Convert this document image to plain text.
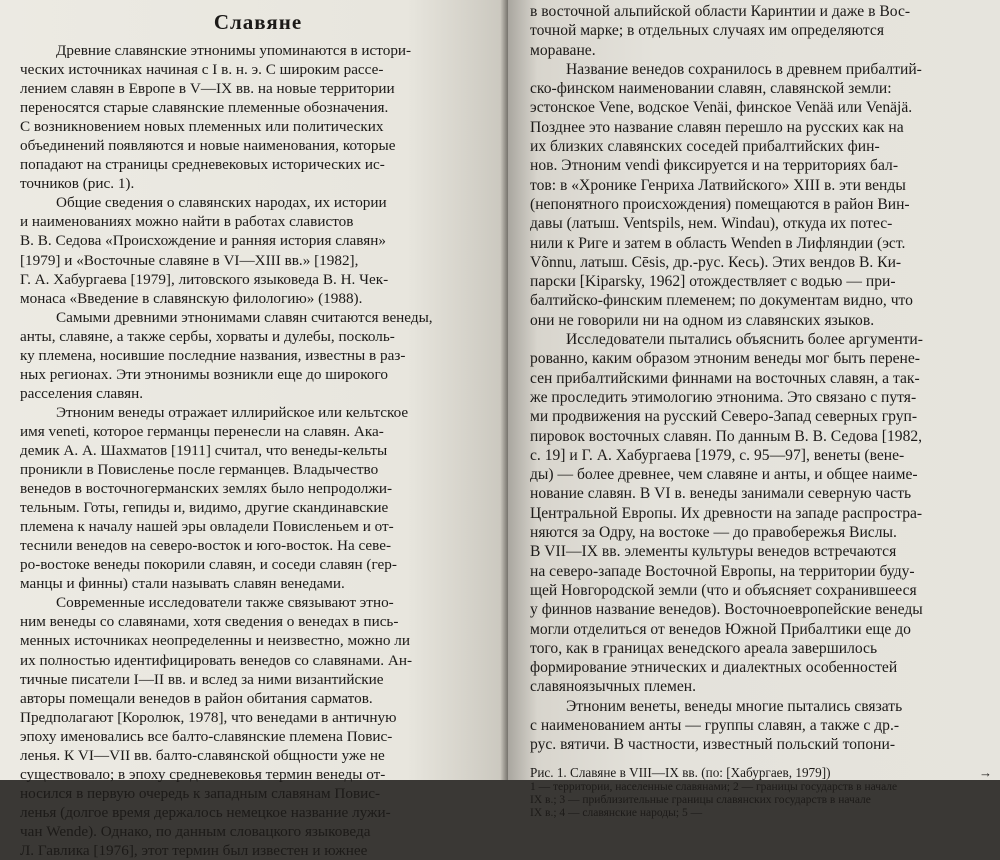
Славяне
Древние славянские этнонимы упоминаются в истори-
ческих источниках начиная с I в. н. э. С широким рассе-
лением славян в Европе в V—IX вв. на новые территории
переносятся старые славянские племенные обозначения.
С возникновением новых племенных или политических
объединений появляются и новые наименования, которые
попадают на страницы средневековых исторических ис-
точников (рис. 1).
Общие сведения о славянских народах, их истории
и наименованиях можно найти в работах славистов
В. В. Седова «Происхождение и ранняя история славян»
[1979] и «Восточные славяне в VI—XIII вв.» [1982],
Г. А. Хабургаева [1979], литовского языковеда В. Н. Чек-
монаса «Введение в славянскую филологию» (1988).
Самыми древними этнонимами славян считаются венеды,
анты, славяне, а также сербы, хорваты и дулебы, посколь-
ку племена, носившие последние названия, известны в раз-
ных регионах. Эти этнонимы возникли еще до широкого
расселения славян.
Этноним венеды отражает иллирийское или кельтское
имя veneti, которое германцы перенесли на славян. Ака-
демик А. А. Шахматов [1911] считал, что венеды-кельты
проникли в Повисленье после германцев. Владычество
венедов в восточногерманских землях было непродолжи-
тельным. Готы, гепиды и, видимо, другие скандинавские
племена к началу нашей эры овладели Повисленьем и от-
теснили венедов на северо-восток и юго-восток. На севе-
ро-востоке венеды покорили славян, и соседи славян (гер-
манцы и финны) стали называть славян венедами.
Современные исследователи также связывают этно-
ним венеды со славянами, хотя сведения о венедах в пись-
менных источниках неопределенны и неизвестно, можно ли
их полностью идентифицировать венедов со славянами. Ан-
тичные писатели I—II вв. и вслед за ними византийские
авторы помещали венедов в район обитания сарматов.
Предполагают [Королюк, 1978], что венедами в античную
эпоху именовались все балто-славянские племена Повис-
ленья. К VI—VII вв. балто-славянской общности уже не
существовало; в эпоху средневековья термин венеды от-
носился в первую очередь к западным славянам Повис-
ленья (долгое время держалось немецкое название лужи-
чан Wende). Однако, по данным словацкого языковеда
Л. Гавлика [1976], этот термин был известен и южнее
в восточной альпийской области Каринтии и даже в Вос-
точной марке; в отдельных случаях им определяются
мораване.
Название венедов сохранилось в древнем прибалтий-
ско-финском наименовании славян, славянской земли:
эстонское Vene, водское Venäi, финское Venää или Venäjä.
Позднее это название славян перешло на русских как на
их близких славянских соседей прибалтийских фин-
нов. Этноним vendi фиксируется и на территориях бал-
тов: в «Хронике Генриха Латвийского» XIII в. эти венды
(непонятного происхождения) помещаются в район Вин-
давы (латыш. Ventspils, нем. Windau), откуда их потес-
нили к Риге и затем в область Wenden в Лифляндии (эст.
Võnnu, латыш. Cēsis, др.-рус. Кесь). Этих вендов В. Ки-
парски [Kiparsky, 1962] отождествляет с водью — при-
балтийско-финским племенем; по документам видно, что
они не говорили ни на одном из славянских языков.
Исследователи пытались объяснить более аргументи-
рованно, каким образом этноним венеды мог быть перене-
сен прибалтийскими финнами на восточных славян, а так-
же проследить этимологию этнонима. Это связано с путя-
ми продвижения на русский Северо-Запад северных груп-
пировок восточных славян. По данным В. В. Седова [1982,
с. 19] и Г. А. Хабургаева [1979, с. 95—97], венеты (вене-
ды) — более древнее, чем славяне и анты, и общее наиме-
нование славян. В VI в. венеды занимали северную часть
Центральной Европы. Их древности на западе распростра-
няются за Одру, на востоке — до правобережья Вислы.
В VII—IX вв. элементы культуры венедов встречаются
на северо-западе Восточной Европы, на территории буду-
щей Новгородской земли (что и объясняет сохранившееся
у финнов название венедов). Восточноевропейские венеды
могли отделиться от венедов Южной Прибалтики еще до
того, как в границах венедского ареала завершилось
формирование этнических и диалектных особенностей
славяноязычных племен.
Этноним венеты, венеды многие пытались связать
с наименованием анты — группы славян, а также с др.-
рус. вятичи. В частности, известный польский топони-
Рис. 1. Славяне в VIII—IX вв. (по: [Хабургаев, 1979])	→
1 — территории, населенные славянами; 2 — границы государств в начале
IX в.; 3 — приблизительные границы славянских государств в начале
IX в.; 4 — славянские народы; 5 —
